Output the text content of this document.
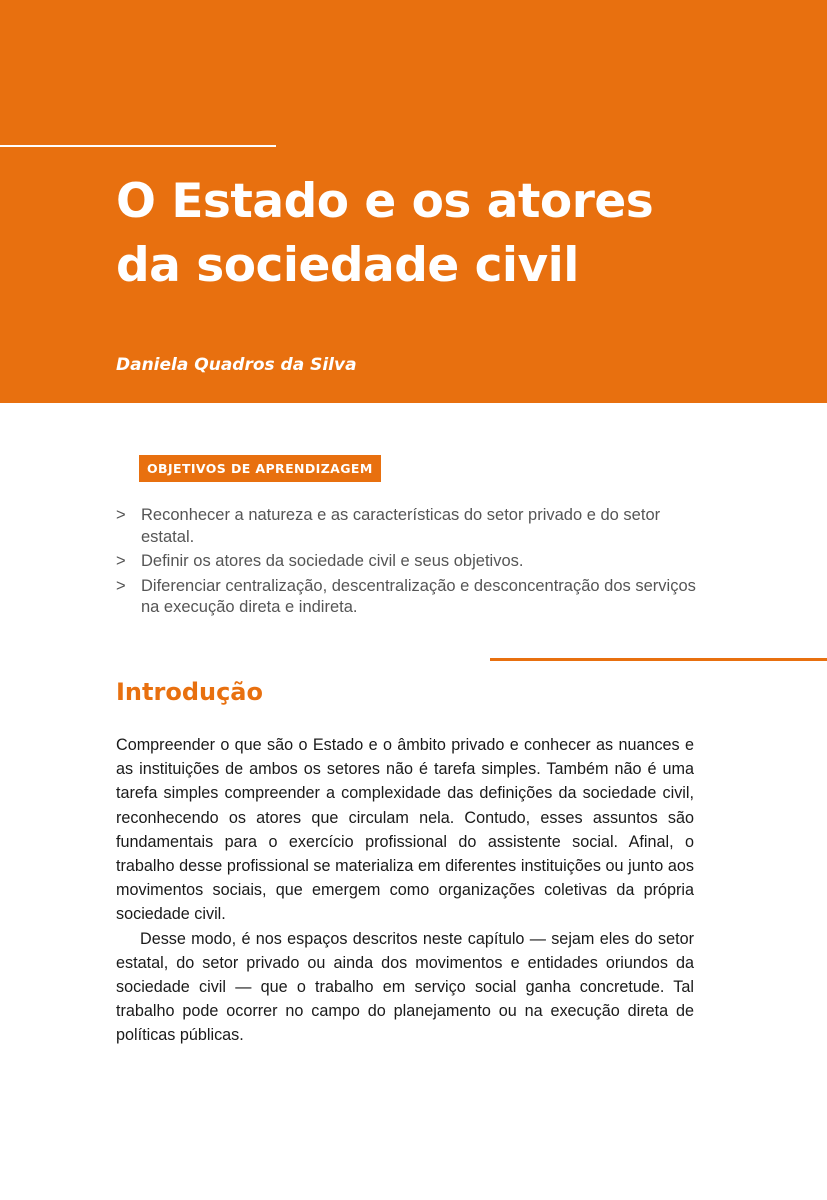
O Estado e os atores
da sociedade civil
Daniela Quadros da Silva
OBJETIVOS DE APRENDIZAGEM
> Reconhecer a natureza e as características do setor privado e do setor estatal.
> Definir os atores da sociedade civil e seus objetivos.
> Diferenciar centralização, descentralização e desconcentração dos serviços na execução direta e indireta.
Introdução

Compreender o que são o Estado e o âmbito privado e conhecer as nuances e as instituições de ambos os setores não é tarefa simples. Também não é uma tarefa simples compreender a complexidade das definições da sociedade civil, reconhecendo os atores que circulam nela. Contudo, esses assuntos são fundamentais para o exercício profissional do assistente social. Afinal, o trabalho desse profissional se materializa em diferentes instituições ou junto aos movimentos sociais, que emergem como organizações coletivas da própria sociedade civil.

Desse modo, é nos espaços descritos neste capítulo — sejam eles do setor estatal, do setor privado ou ainda dos movimentos e entidades oriundos da sociedade civil — que o trabalho em serviço social ganha concretude. Tal trabalho pode ocorrer no campo do planejamento ou na execução direta de políticas públicas.
